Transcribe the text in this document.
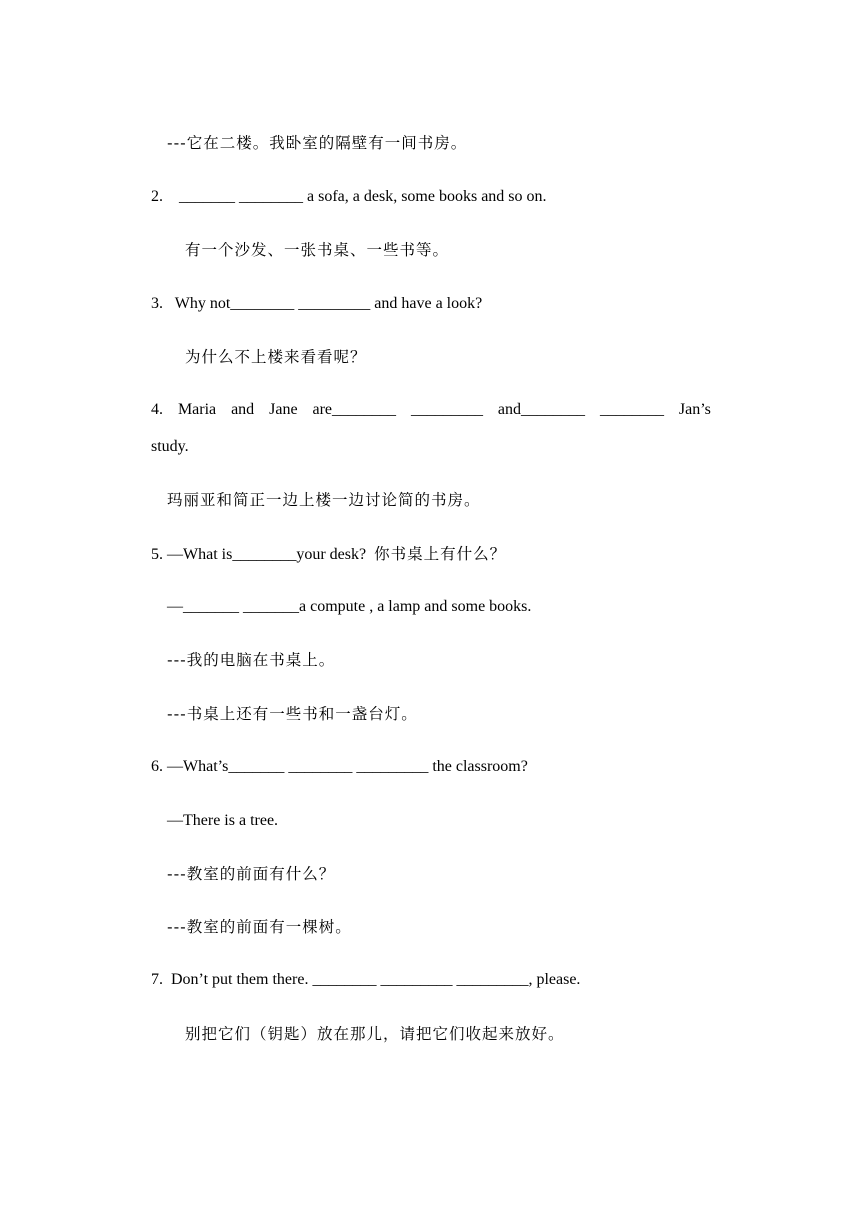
---它在二楼。我卧室的隔壁有一间书房。
2.    _______ ________ a sofa, a desk, some books and so on.
有一个沙发、一张书桌、一些书等。
3.   Why not________ _________ and have a look?
为什么不上楼来看看呢？
4. Maria and Jane are________ _________ and________ ________ Jan’s
study.
玛丽亚和简正一边上楼一边讨论简的书房。
5. —What is________your desk? 你书桌上有什么？
—_______ _______a compute , a lamp and some books.
---我的电脑在书桌上。
---书桌上还有一些书和一盏台灯。
6. —What’s_______ ________ _________ the classroom?
—There is a tree.
---教室的前面有什么？
---教室的前面有一棵树。
7.  Don’t put them there. ________ _________ _________, please.
别把它们（钥匙）放在那儿，请把它们收起来放好。
